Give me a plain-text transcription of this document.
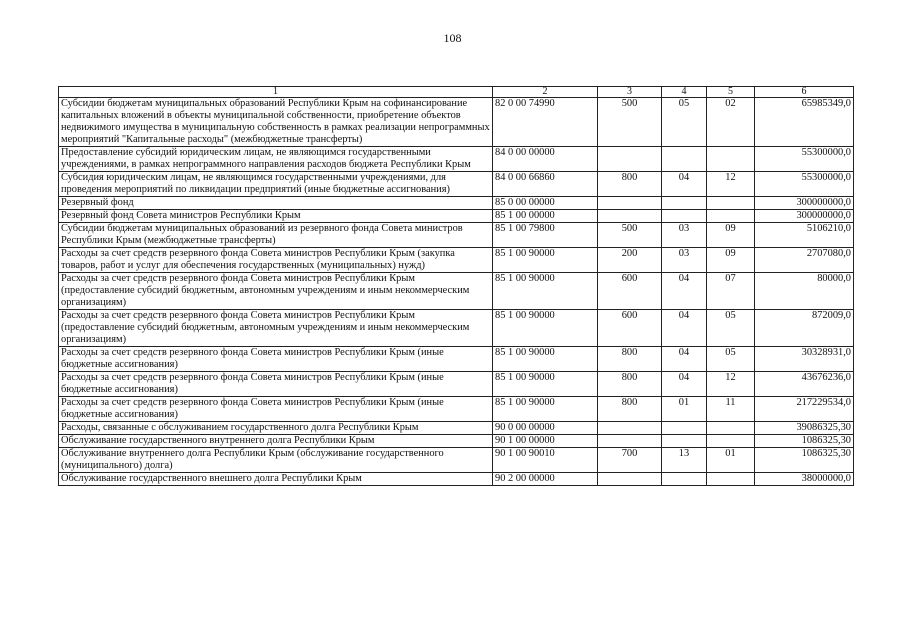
108
1	2	3	4	5	6
Субсидии бюджетам муниципальных образований Республики Крым на софинансирование капитальных вложений в объекты муниципальной собственности, приобретение объектов недвижимого имущества в муниципальную собственность в рамках реализации непрограммных мероприятий "Капитальные расходы" (межбюджетные трансферты)	82 0 00 74990	500	05	02	65985349,0
Предоставление субсидий юридическим лицам, не являющимся государственными учреждениями, в рамках непрограммного направления расходов бюджета Республики Крым	84 0 00 00000				55300000,0
Субсидия юридическим лицам, не являющимся государственными учреждениями, для проведения мероприятий по ликвидации предприятий (иные бюджетные ассигнования)	84 0 00 66860	800	04	12	55300000,0
Резервный фонд	85 0 00 00000				300000000,0
Резервный фонд Совета министров Республики Крым	85 1 00 00000				300000000,0
Субсидии бюджетам муниципальных образований из резервного фонда Совета министров Республики Крым (межбюджетные трансферты)	85 1 00 79800	500	03	09	5106210,0
Расходы за счет средств резервного фонда Совета министров Республики Крым (закупка товаров, работ и услуг для обеспечения государственных (муниципальных) нужд)	85 1 00 90000	200	03	09	2707080,0
Расходы за счет средств резервного фонда Совета министров Республики Крым (предоставление субсидий бюджетным, автономным учреждениям и иным некоммерческим организациям)	85 1 00 90000	600	04	07	80000,0
Расходы за счет средств резервного фонда Совета министров Республики Крым (предоставление субсидий бюджетным, автономным учреждениям и иным некоммерческим организациям)	85 1 00 90000	600	04	05	872009,0
Расходы за счет средств резервного фонда Совета министров Республики Крым (иные бюджетные ассигнования)	85 1 00 90000	800	04	05	30328931,0
Расходы за счет средств резервного фонда Совета министров Республики Крым (иные бюджетные ассигнования)	85 1 00 90000	800	04	12	43676236,0
Расходы за счет средств резервного фонда Совета министров Республики Крым (иные бюджетные ассигнования)	85 1 00 90000	800	01	11	217229534,0
Расходы, связанные с обслуживанием государственного долга Республики Крым	90 0 00 00000				39086325,30
Обслуживание государственного внутреннего долга Республики Крым	90 1 00 00000				1086325,30
Обслуживание внутреннего долга Республики Крым (обслуживание государственного (муниципального) долга)	90 1 00 90010	700	13	01	1086325,30
Обслуживание государственного внешнего долга Республики Крым	90 2 00 00000				38000000,0
